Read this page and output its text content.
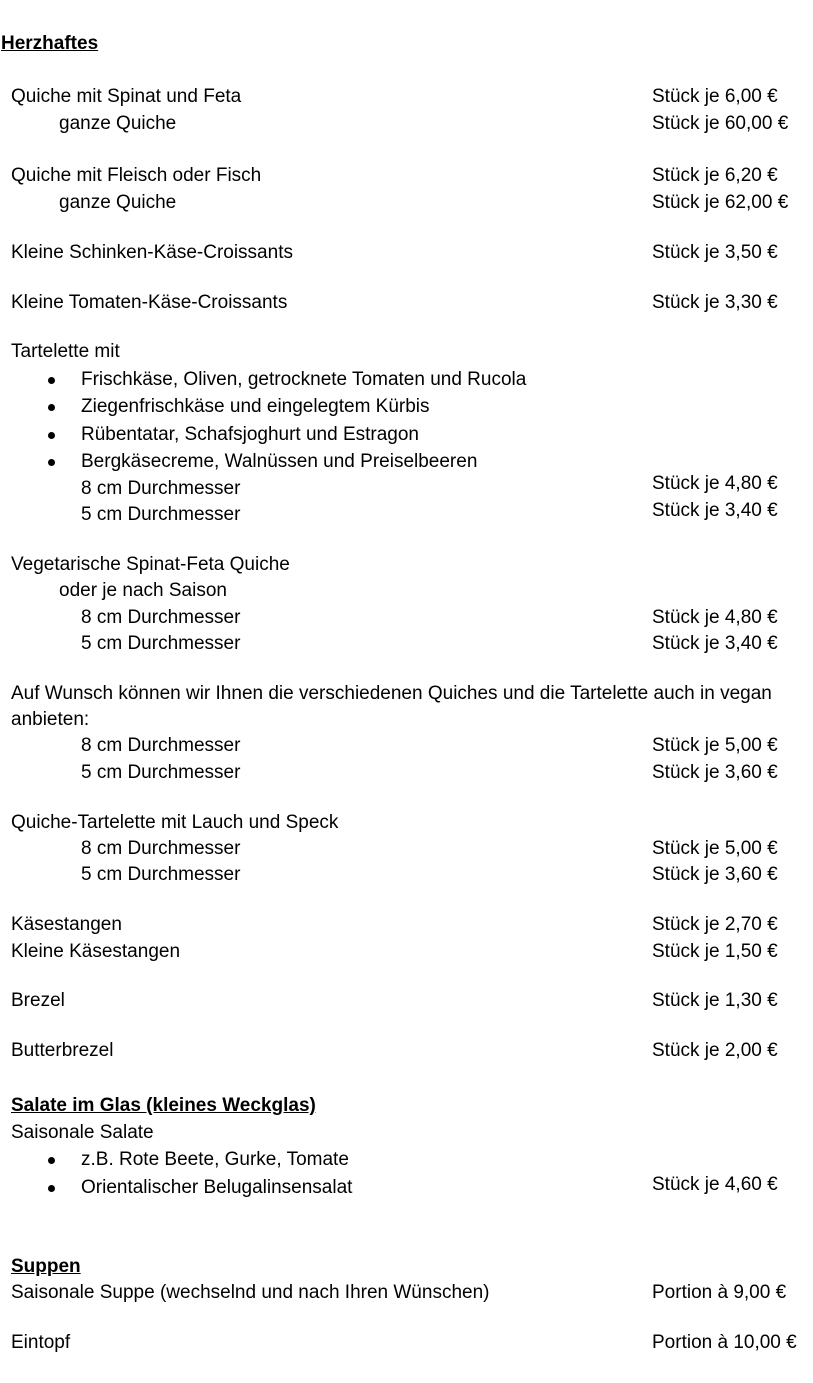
Herzhaftes
Quiche mit Spinat und Feta	Stück je 6,00 €
ganze Quiche	Stück je 60,00 €
Quiche mit Fleisch oder Fisch	Stück je 6,20 €
ganze Quiche	Stück je 62,00 €
Kleine Schinken-Käse-Croissants	Stück je 3,50 €
Kleine Tomaten-Käse-Croissants	Stück je 3,30 €
Tartelette mit
Frischkäse, Oliven, getrocknete Tomaten und Rucola
Ziegenfrischkäse und eingelegtem Kürbis
Rübentatar, Schafsjoghurt und Estragon
Bergkäsecreme, Walnüssen und Preiselbeeren
8 cm Durchmesser	Stück je 4,80 €
5 cm Durchmesser	Stück je 3,40 €
Vegetarische Spinat-Feta Quiche
oder je nach Saison
8 cm Durchmesser	Stück je 4,80 €
5 cm Durchmesser	Stück je 3,40 €
Auf Wunsch können wir Ihnen die verschiedenen Quiches und die Tartelette auch in vegan
anbieten:
8 cm Durchmesser	Stück je 5,00 €
5 cm Durchmesser	Stück je 3,60 €
Quiche-Tartelette mit Lauch und Speck
8 cm Durchmesser	Stück je 5,00 €
5 cm Durchmesser	Stück je 3,60 €
Käsestangen	Stück je 2,70 €
Kleine Käsestangen	Stück je 1,50 €
Brezel	Stück je 1,30 €
Butterbrezel	Stück je 2,00 €
Salate im Glas (kleines Weckglas)
Saisonale Salate
z.B. Rote Beete, Gurke, Tomate
Orientalischer Belugalinsensalat	Stück je 4,60 €
Suppen
Saisonale Suppe (wechselnd und nach Ihren Wünschen)	Portion à 9,00 €
Eintopf	Portion à 10,00 €
